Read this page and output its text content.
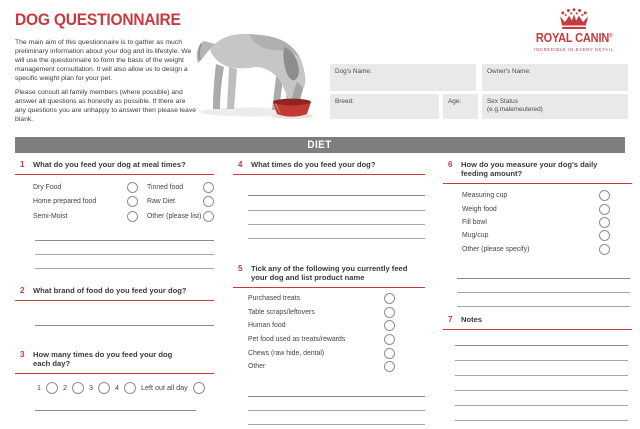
DOG QUESTIONNAIRE

The main aim of this questionnaire is to gather as much preliminary information about your dog and its lifestyle. We will use the questionnaire to form the basis of the weight management consultation. It will also allow us to design a specific weight plan for your pet.

Please consult all family members (where possible) and answer all questions as honestly as possible. If there are any questions you are unhappy to answer then please leave blank.

ROYAL CANIN®
INCREDIBLE IN EVERY DETAIL
Dog's Name:	Owner's Name:
Breed:	Age:	Sex Status
(e.g.male/neutered)
DIET
1	What do you feed your dog at meal times?
Dry Food	Tinned food
Home prepared food	Raw Diet
Semi-Moist	Other (please list)
2	What brand of food do you feed your dog?
3	How many times do you feed your dog each day?
1	2	3	4	Left out all day
4	What times do you feed your dog?
5	Tick any of the following you currently feed your dog and list product name
Purchased treats
Table scraps/leftovers
Human food
Pet food used as treats/rewards
Chews (raw hide, dental)
Other
6	How do you measure your dog's daily feeding amount?
Measuring cup
Weigh food
Fill bowl
Mug/cup
Other (please specify)
7	Notes
